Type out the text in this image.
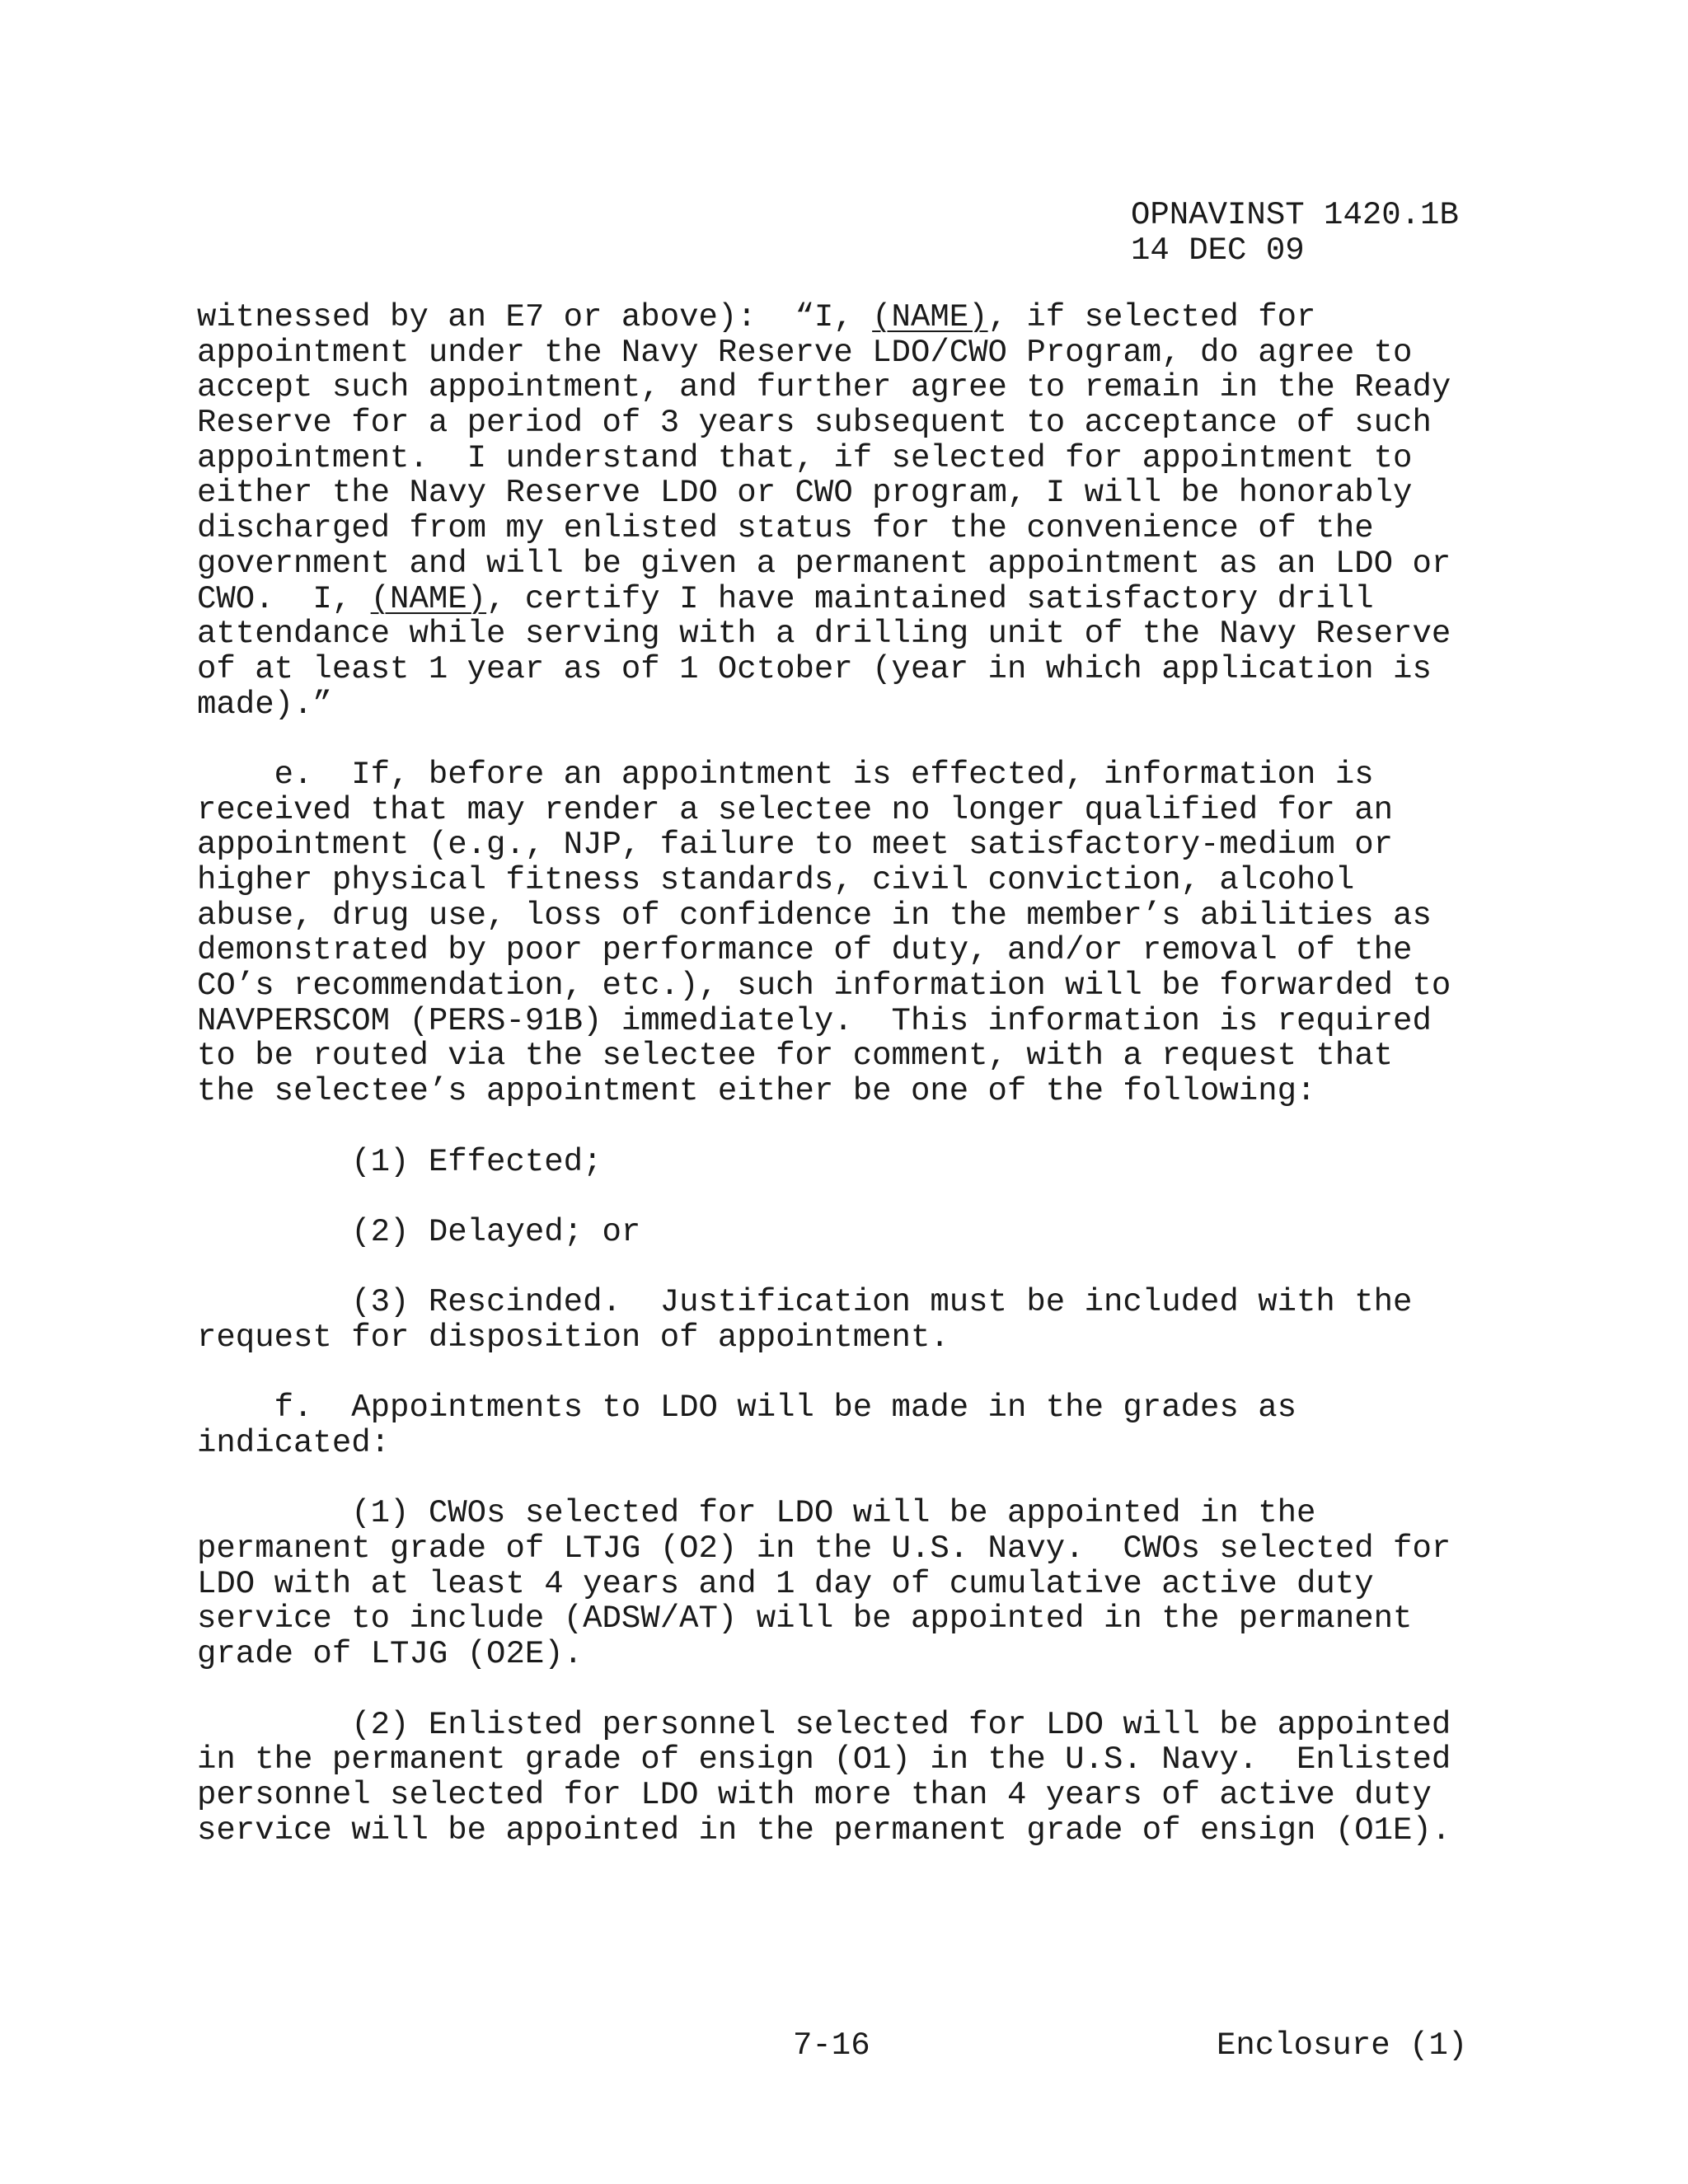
OPNAVINST 1420.1B
14 DEC 09
witnessed by an E7 or above):  “I, (NAME), if selected for
appointment under the Navy Reserve LDO/CWO Program, do agree to
accept such appointment, and further agree to remain in the Ready
Reserve for a period of 3 years subsequent to acceptance of such
appointment.  I understand that, if selected for appointment to
either the Navy Reserve LDO or CWO program, I will be honorably
discharged from my enlisted status for the convenience of the
government and will be given a permanent appointment as an LDO or
CWO.  I, (NAME), certify I have maintained satisfactory drill
attendance while serving with a drilling unit of the Navy Reserve
of at least 1 year as of 1 October (year in which application is
made).”
e.  If, before an appointment is effected, information is
received that may render a selectee no longer qualified for an
appointment (e.g., NJP, failure to meet satisfactory-medium or
higher physical fitness standards, civil conviction, alcohol
abuse, drug use, loss of confidence in the member’s abilities as
demonstrated by poor performance of duty, and/or removal of the
CO’s recommendation, etc.), such information will be forwarded to
NAVPERSCOM (PERS-91B) immediately.  This information is required
to be routed via the selectee for comment, with a request that
the selectee’s appointment either be one of the following:
(1) Effected;
(2) Delayed; or
(3) Rescinded.  Justification must be included with the
request for disposition of appointment.
f.  Appointments to LDO will be made in the grades as
indicated:
(1) CWOs selected for LDO will be appointed in the
permanent grade of LTJG (O2) in the U.S. Navy.  CWOs selected for
LDO with at least 4 years and 1 day of cumulative active duty
service to include (ADSW/AT) will be appointed in the permanent
grade of LTJG (O2E).
(2) Enlisted personnel selected for LDO will be appointed
in the permanent grade of ensign (O1) in the U.S. Navy.  Enlisted
personnel selected for LDO with more than 4 years of active duty
service will be appointed in the permanent grade of ensign (O1E).
7-16	Enclosure (1)
